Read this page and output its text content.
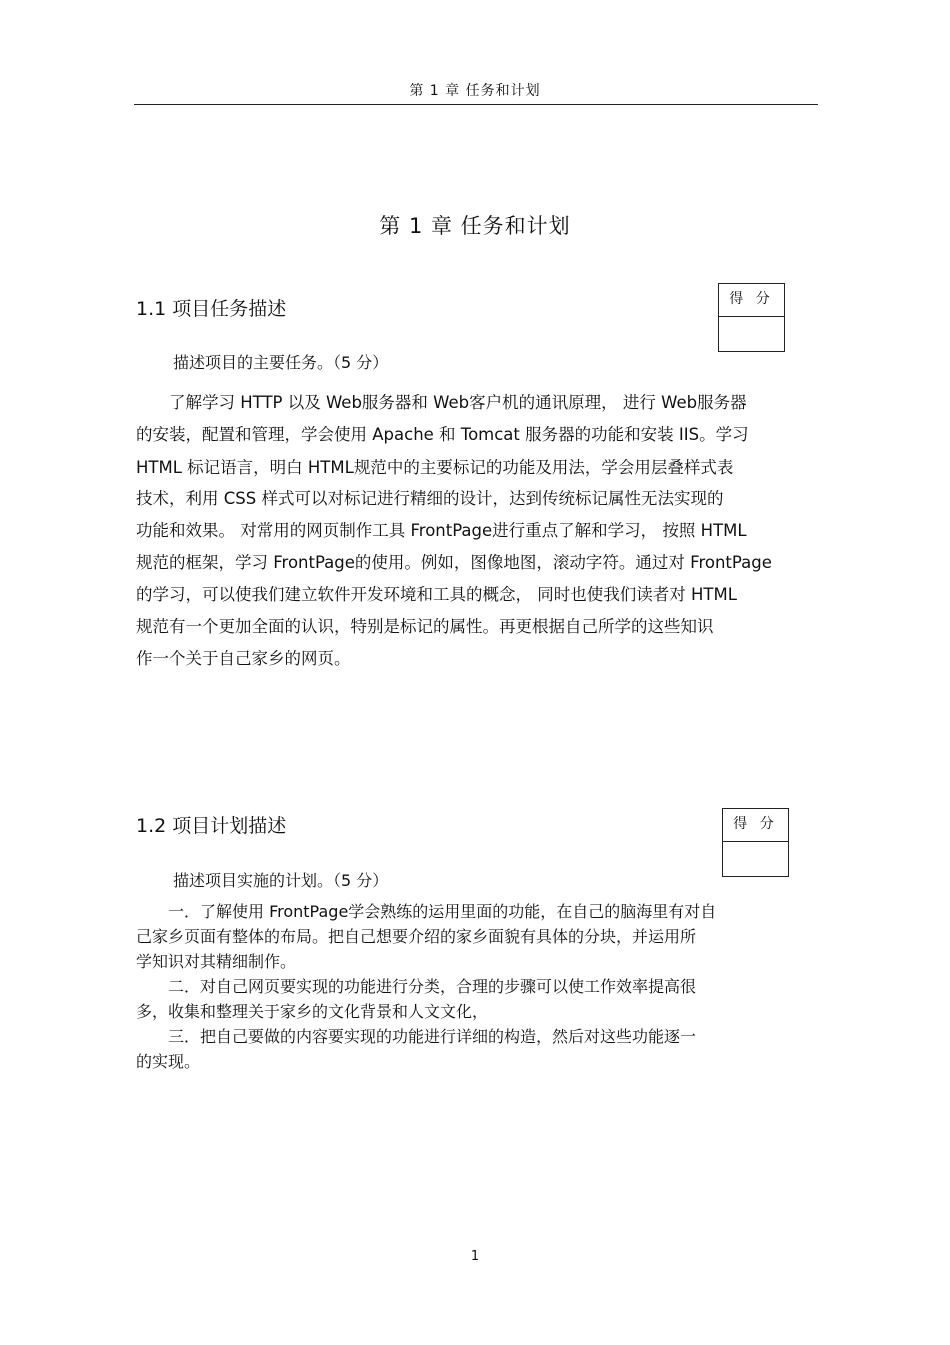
第 1 章 任务和计划
第 1 章 任务和计划
1.1 项目任务描述	得 分
描述项目的主要任务。（5 分）
　　了解学习 HTTP 以及 Web服务器和 Web客户机的通讯原理， 进行 Web服务器
的安装，配置和管理，学会使用 Apache 和 Tomcat 服务器的功能和安装 IIS。学习
HTML 标记语言，明白 HTML规范中的主要标记的功能及用法，学会用层叠样式表
技术，利用 CSS 样式可以对标记进行精细的设计，达到传统标记属性无法实现的
功能和效果。 对常用的网页制作工具 FrontPage进行重点了解和学习， 按照 HTML
规范的框架，学习 FrontPage的使用。例如，图像地图，滚动字符。通过对 FrontPage
的学习，可以使我们建立软件开发环境和工具的概念， 同时也使我们读者对 HTML
规范有一个更加全面的认识，特别是标记的属性。再更根据自己所学的这些知识
作一个关于自己家乡的网页。
1.2 项目计划描述	得 分
描述项目实施的计划。（5 分）
　　一．了解使用 FrontPage学会熟练的运用里面的功能，在自己的脑海里有对自
己家乡页面有整体的布局。把自己想要介绍的家乡面貌有具体的分块，并运用所
学知识对其精细制作。
　　二．对自己网页要实现的功能进行分类，合理的步骤可以使工作效率提高很
多，收集和整理关于家乡的文化背景和人文文化，
　　三．把自己要做的内容要实现的功能进行详细的构造，然后对这些功能逐一
的实现。
1
